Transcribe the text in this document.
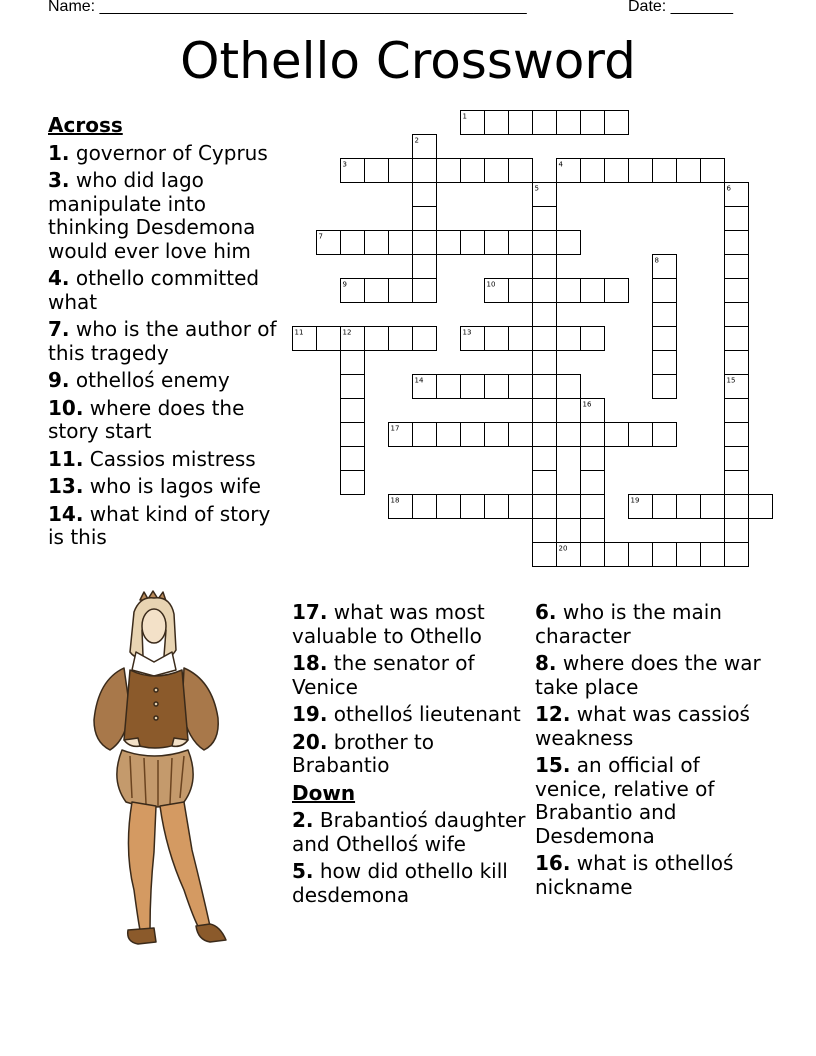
Name: ________________________________________________	Date: _______
Othello Crossword
Across
1. governor of Cyprus
3. who did Iago manipulate into thinking Desdemona would ever love him
4. othello committed what
7. who is the author of this tragedy
9. othelloś enemy
10. where does the story start
11. Cassios mistress
13. who is Iagos wife
14. what kind of story is this
17. what was most valuable to Othello
18. the senator of Venice
19. othelloś lieutenant
20. brother to Brabantio
Down
2. Brabantioś daughter and Othelloś wife
5. how did othello kill desdemona
6. who is the main character
8. where does the war take place
12. what was cassioś weakness
15. an official of venice, relative of Brabantio and Desdemona
16. what is othelloś nickname
1
2
3	4
5	6
15
7
8
9	10
11	12	13
14
16
17
18	19
20
